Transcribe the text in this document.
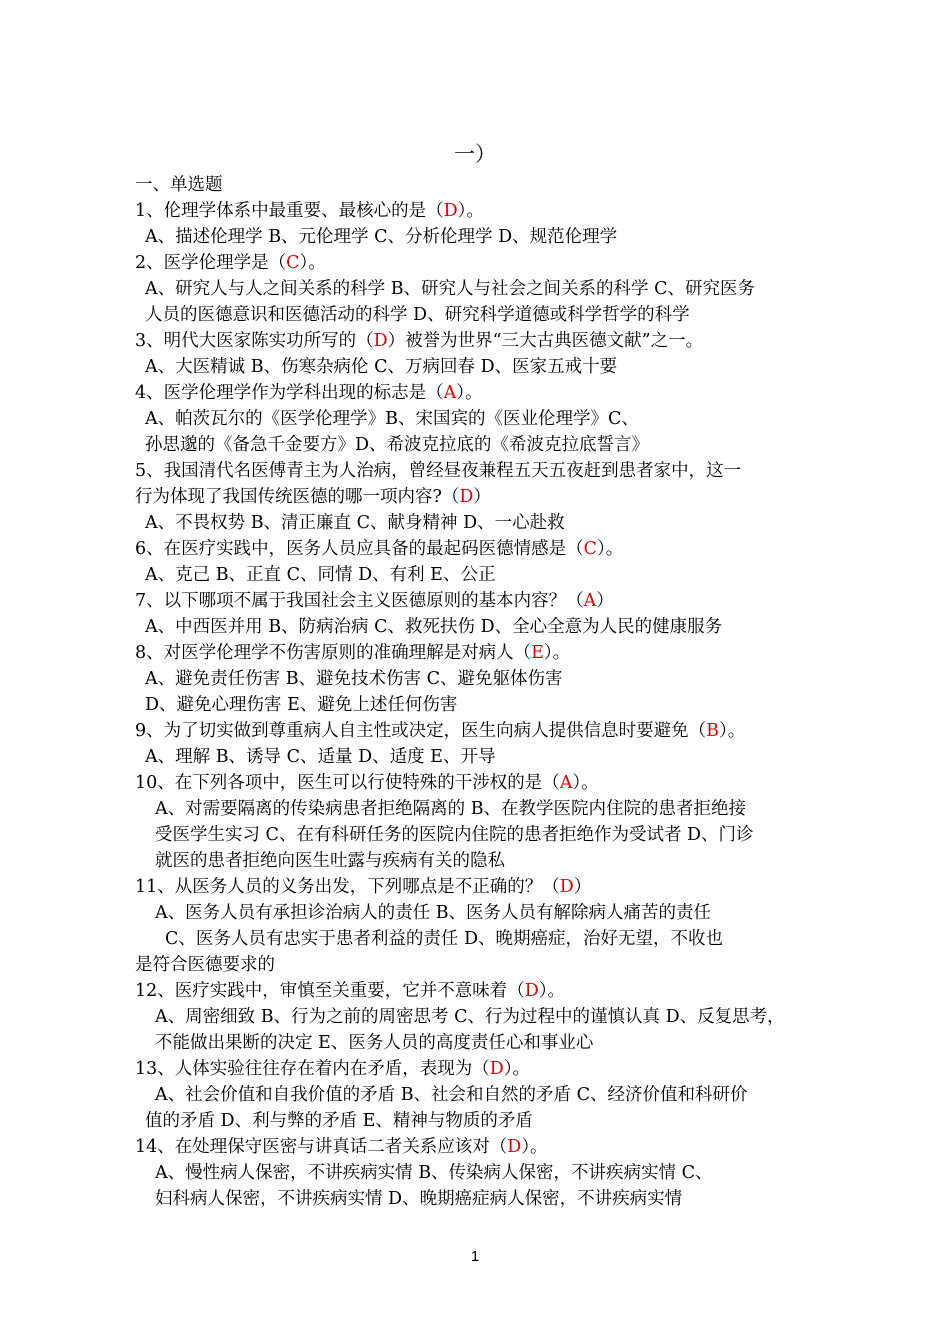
一）
一、单选题
1、伦理学体系中最重要、最核心的是（D）。
A、描述伦理学 B、元伦理学 C、分析伦理学 D、规范伦理学
2、医学伦理学是（C）。
A、研究人与人之间关系的科学 B、研究人与社会之间关系的科学 C、研究医务
人员的医德意识和医德活动的科学 D、研究科学道德或科学哲学的科学
3、明代大医家陈实功所写的（D）被誉为世界“三大古典医德文献”之一。
A、大医精诚 B、伤寒杂病伦 C、万病回春 D、医家五戒十要
4、医学伦理学作为学科出现的标志是（A）。
A、帕茨瓦尔的《医学伦理学》B、宋国宾的《医业伦理学》C、
孙思邈的《备急千金要方》D、希波克拉底的《希波克拉底誓言》
5、我国清代名医傅青主为人治病，曾经昼夜兼程五天五夜赶到患者家中，这一
行为体现了我国传统医德的哪一项内容?（D）
A、不畏权势 B、清正廉直 C、献身精神 D、一心赴救
6、在医疗实践中，医务人员应具备的最起码医德情感是（C）。
A、克己 B、正直 C、同情 D、有利 E、公正
7、以下哪项不属于我国社会主义医德原则的基本内容？（A）
A、中西医并用 B、防病治病 C、救死扶伤 D、全心全意为人民的健康服务
8、对医学伦理学不伤害原则的准确理解是对病人（E）。
A、避免责任伤害 B、避免技术伤害 C、避免躯体伤害
D、避免心理伤害 E、避免上述任何伤害
9、为了切实做到尊重病人自主性或决定，医生向病人提供信息时要避免（B）。
A、理解 B、诱导 C、适量 D、适度 E、开导
10、在下列各项中，医生可以行使特殊的干涉权的是（A）。
A、对需要隔离的传染病患者拒绝隔离的 B、在教学医院内住院的患者拒绝接
受医学生实习 C、在有科研任务的医院内住院的患者拒绝作为受试者 D、门诊
就医的患者拒绝向医生吐露与疾病有关的隐私
11、从医务人员的义务出发，下列哪点是不正确的？（D）
A、医务人员有承担诊治病人的责任 B、医务人员有解除病人痛苦的责任
C、医务人员有忠实于患者利益的责任 D、晚期癌症，治好无望，不收也
是符合医德要求的
12、医疗实践中，审慎至关重要，它并不意味着（D）。
A、周密细致 B、行为之前的周密思考 C、行为过程中的谨慎认真 D、反复思考，
不能做出果断的决定 E、医务人员的高度责任心和事业心
13、人体实验往往存在着内在矛盾，表现为（D）。
A、社会价值和自我价值的矛盾 B、社会和自然的矛盾 C、经济价值和科研价
值的矛盾 D、利与弊的矛盾 E、精神与物质的矛盾
14、在处理保守医密与讲真话二者关系应该对（D）。
A、慢性病人保密，不讲疾病实情 B、传染病人保密，不讲疾病实情 C、
妇科病人保密，不讲疾病实情 D、晚期癌症病人保密，不讲疾病实情
1
